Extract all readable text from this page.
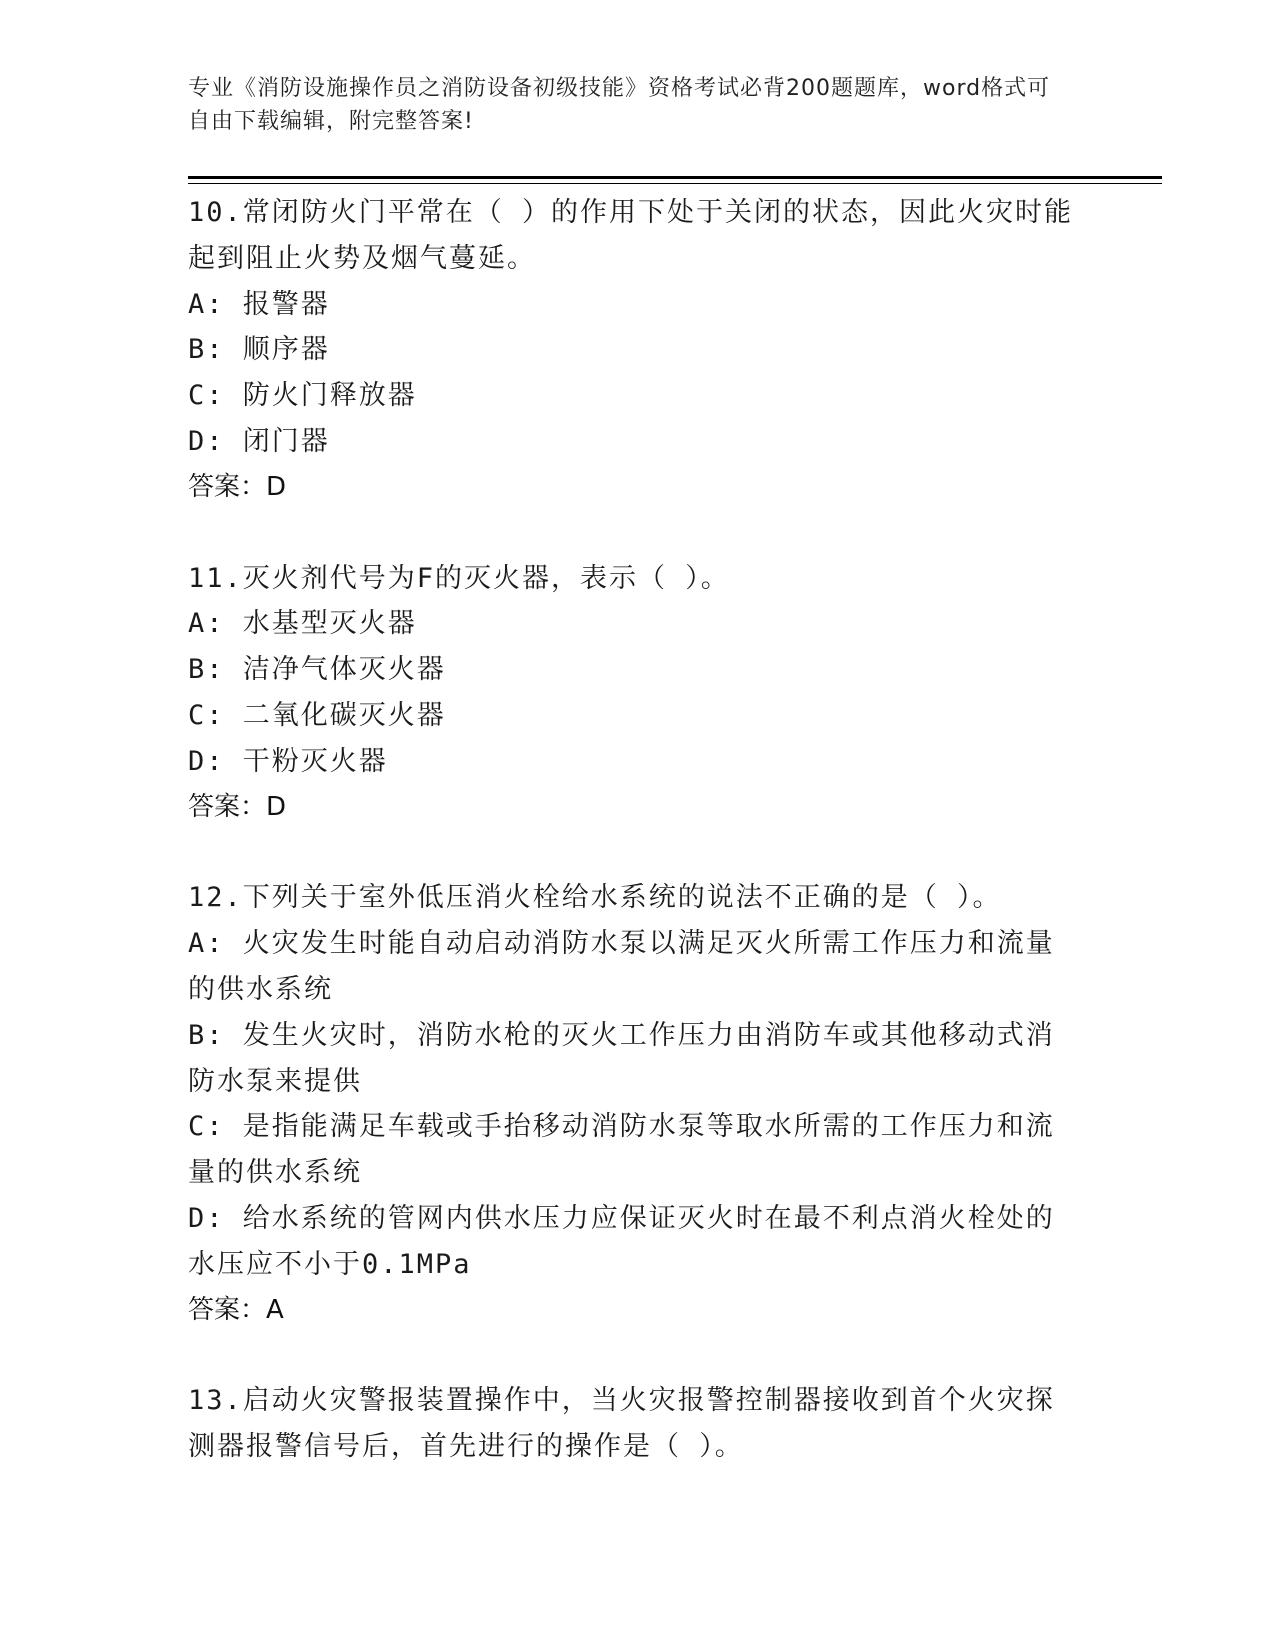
专业《消防设施操作员之消防设备初级技能》资格考试必背200题题库，word格式可自由下载编辑，附完整答案!

10.常闭防火门平常在（ ）的作用下处于关闭的状态，因此火灾时能起到阻止火势及烟气蔓延。

A: 报警器

B: 顺序器

C: 防火门释放器

D: 闭门器

答案：D

11.灭火剂代号为F的灭火器，表示（ ）。

A: 水基型灭火器

B: 洁净气体灭火器

C: 二氧化碳灭火器

D: 干粉灭火器

答案：D

12.下列关于室外低压消火栓给水系统的说法不正确的是（ ）。

A: 火灾发生时能自动启动消防水泵以满足灭火所需工作压力和流量的供水系统

B: 发生火灾时，消防水枪的灭火工作压力由消防车或其他移动式消防水泵来提供

C: 是指能满足车载或手抬移动消防水泵等取水所需的工作压力和流量的供水系统

D: 给水系统的管网内供水压力应保证灭火时在最不利点消火栓处的水压应不小于0.1MPa

答案：A

13.启动火灾警报装置操作中，当火灾报警控制器接收到首个火灾探测器报警信号后，首先进行的操作是（ ）。
